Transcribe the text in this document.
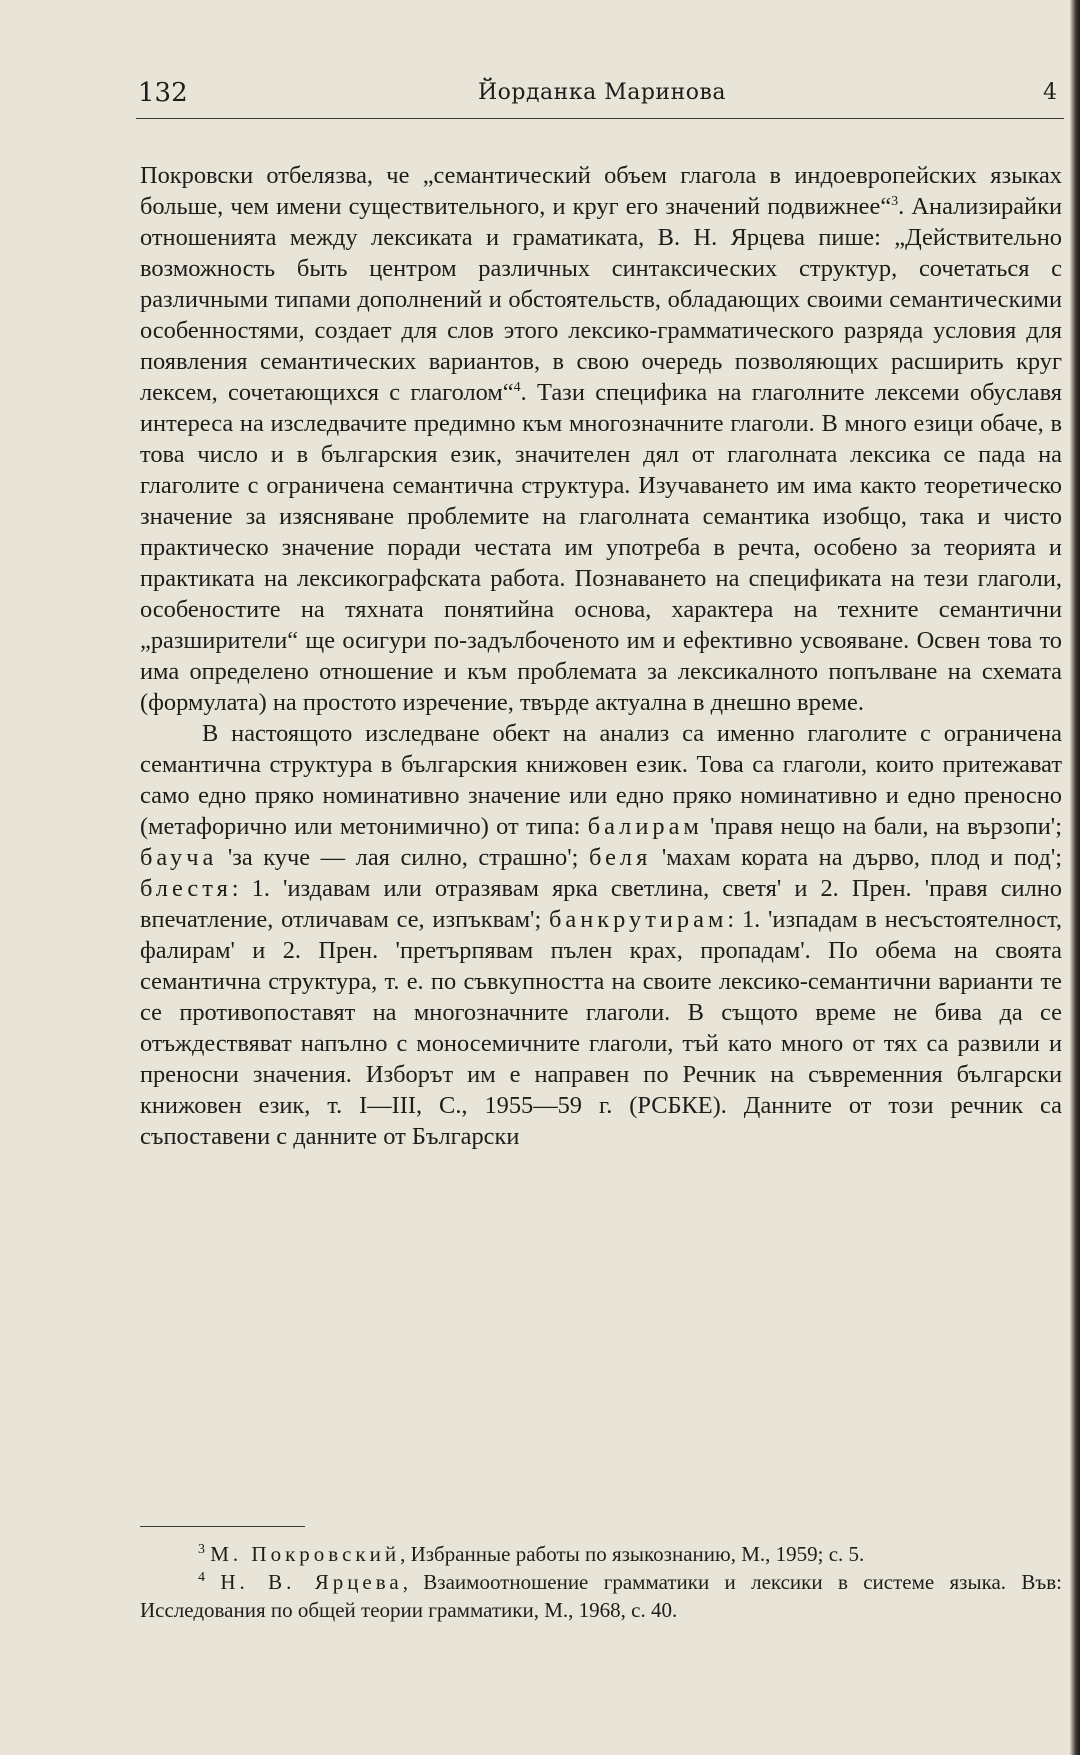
132	Йорданка Маринова	4

Покровски отбелязва, че „семантический объем глагола в индоевропейских языках больше, чем имени существительного, и круг его значений подвижнее“$^3$. Анализирайки отношенията между лексиката и граматиката, В. Н. Ярцева пише: „Действительно возможность быть центром различных синтаксических структур, сочетаться с различными типами дополнений и обстоятельств, обладающих своими семантическими особенностями, создает для слов этого лексико-грамматического разряда условия для появления семантических вариантов, в свою очередь позволяющих расширить круг лексем, сочетающихся с глаголом“$^4$. Тази специфика на глаголните лексеми обуславя интереса на изследвачите предимно към многозначните глаголи. В много езици обаче, в това число и в българския език, значителен дял от глаголната лексика се пада на глаголите с ограничена семантична структура. Изучаването им има както теоретическо значение за изясняване проблемите на глаголната семантика изобщо, така и чисто практическо значение поради честата им употреба в речта, особено за теорията и практиката на лексикографската работа. Познаването на спецификата на тези глаголи, особеностите на тяхната понятийна основа, характера на техните семантични „разширители“ ще осигури по-задълбоченото им и ефективно усвояване. Освен това то има определено отношение и към проблемата за лексикалното попълване на схемата (формулата) на простото изречение, твърде актуална в днешно време.

В настоящото изследване обект на анализ са именно глаголите с ограничена семантична структура в българския книжовен език. Това са глаголи, които притежават само едно пряко номинативно значение или едно пряко номинативно и едно преносно (метафорично или метонимично) от типа: балирам 'правя нещо на бали, на вързопи'; бауча 'за куче — лая силно, страшно'; беля 'махам кората на дърво, плод и под'; блестя: 1. 'издавам или отразявам ярка светлина, светя' и 2. Прен. 'правя силно впечатление, отличавам се, изпъквам'; банкрутирам: 1. 'изпадам в несъстоятелност, фалирам' и 2. Прен. 'претърпявам пълен крах, пропадам'. По обема на своята семантична структура, т. е. по съвкупността на своите лексико-семантични варианти те се противопоставят на многозначните глаголи. В същото време не бива да се отъждествяват напълно с моносемичните глаголи, тъй като много от тях са развили и преносни значения. Изборът им е направен по Речник на съвременния български книжовен език, т. I—III, С., 1955—59 г. (РСБКЕ). Данните от този речник са съпоставени с данните от Български

$^3$ М. Покровский, Избранные работы по языкознанию, М., 1959; с. 5.

$^4$ Н. В. Ярцева, Взаимоотношение грамматики и лексики в системе языка. Във: Исследования по общей теории грамматики, М., 1968, с. 40.
